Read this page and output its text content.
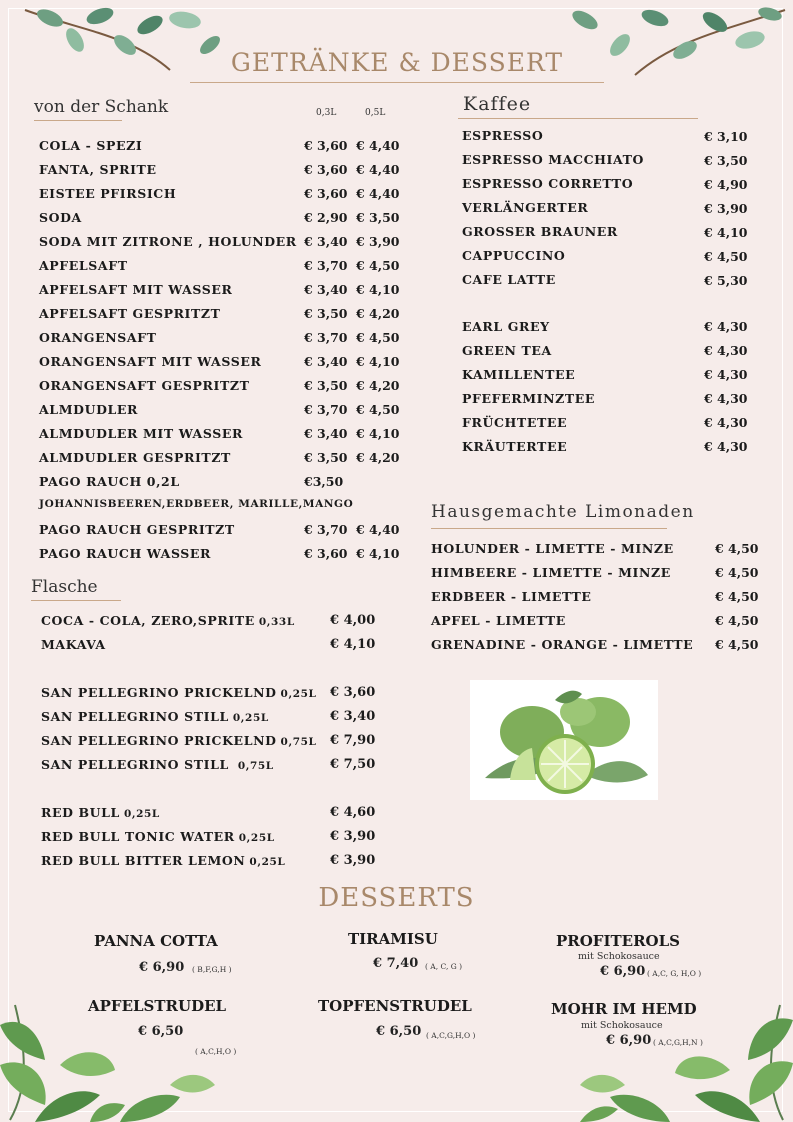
GETRÄNKE & DESSERT
von der Schank	0,3L	0,5L
COLA - SPEZI	€ 3,60 € 4,40
FANTA, SPRITE	€ 3,60 € 4,40
EISTEE PFIRSICH	€ 3,60 € 4,40
SODA	€ 2,90 € 3,50
SODA MIT ZITRONE , HOLUNDER € 3,40 € 3,90
APFELSAFT	€ 3,70 € 4,50
APFELSAFT MIT WASSER	€ 3,40 € 4,10
APFELSAFT GESPRITZT	€ 3,50 € 4,20
ORANGENSAFT	€ 3,70 € 4,50
ORANGENSAFT MIT WASSER	€ 3,40 € 4,10
ORANGENSAFT GESPRITZT	€ 3,50 € 4,20
ALMDUDLER	€ 3,70 € 4,50
ALMDUDLER MIT WASSER	€ 3,40 € 4,10
ALMDUDLER GESPRITZT	€ 3,50 € 4,20
PAGO RAUCH 0,2L	€3,50
JOHANNISBEEREN,ERDBEER, MARILLE,MANGO
PAGO RAUCH GESPRITZT	€ 3,70 € 4,40
PAGO RAUCH WASSER	€ 3,60 € 4,10
Flasche
COCA - COLA, ZERO,SPRITE 0,33L	€ 4,00
MAKAVA	€ 4,10
SAN PELLEGRINO PRICKELND 0,25L € 3,60
SAN PELLEGRINO STILL 0,25L	€ 3,40
SAN PELLEGRINO PRICKELND 0,75L € 7,90
SAN PELLEGRINO STILL 0,75L	€ 7,50
RED BULL 0,25L	€ 4,60
RED BULL TONIC WATER 0,25L	€ 3,90
RED BULL BITTER LEMON 0,25L	€ 3,90
Kaffee
ESPRESSO	€ 3,10
ESPRESSO MACCHIATO	€ 3,50
ESPRESSO CORRETTO	€ 4,90
VERLÄNGERTER	€ 3,90
GROSSER BRAUNER	€ 4,10
CAPPUCCINO	€ 4,50
CAFE LATTE	€ 5,30
EARL GREY	€ 4,30
GREEN TEA	€ 4,30
KAMILLENTEE	€ 4,30
PFEFERMINZTEE	€ 4,30
FRÜCHTETEE	€ 4,30
KRÄUTERTEE	€ 4,30
Hausgemachte Limonaden
HOLUNDER - LIMETTE - MINZE	€ 4,50
HIMBEERE - LIMETTE - MINZE	€ 4,50
ERDBEER - LIMETTE	€ 4,50
APFEL - LIMETTE	€ 4,50
GRENADINE - ORANGE - LIMETTE € 4,50
DESSERTS
PANNA COTTA
€ 6,90 ( B,F,G,H )
TIRAMISU
€ 7,40 ( A, C, G )
PROFITEROLS
mit Schokosauce
€ 6,90 ( A,C, G, H,O )
APFELSTRUDEL
€ 6,50
( A,C,H,O )
TOPFENSTRUDEL
€ 6,50 ( A,C,G,H,O )
MOHR IM HEMD
mit Schokosauce
€ 6,90 ( A,C,G,H,N )
